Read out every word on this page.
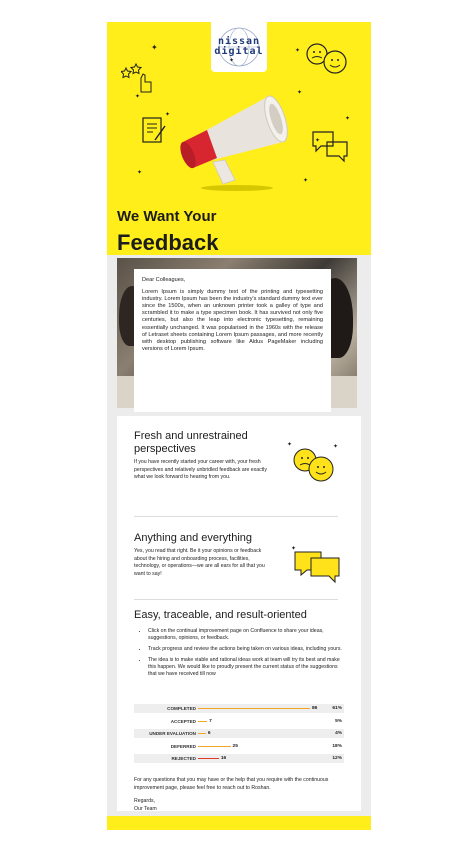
nissan
digital
✦
✦
✦
✦
✦
✦
✦
✦
✦
✦
We Want Your
Feedback

Dear Colleagues,

Lorem Ipsum is simply dummy text of the printing and typesetting industry. Lorem Ipsum has been the industry's standard dummy text ever since the 1500s, when an unknown printer took a galley of type and scrambled it to make a type specimen book. It has survived not only five centuries, but also the leap into electronic typesetting, remaining essentially unchanged. It was popularised in the 1960s with the release of Letraset sheets containing Lorem Ipsum passages, and more recently with desktop publishing software like Aldus PageMaker including versions of Lorem Ipsum.

Fresh and unrestrained perspectives

If you have recently started your career with, your fresh perspectives and relatively unbridled feedback are exactly what we look forward to hearing from you.

✦	✦
Anything and everything

Yes, you read that right. Be it your opinions or feedback about the hiring and onboarding process, facilities, technology, or operations—we are all ears for all that you want to say!

✦
Easy, traceable, and result-oriented
• Click on the continual improvement page on Confluence to share your ideas, suggestions, opinions, or feedback.
• Track progress and review the actions being taken on various ideas, including yours.
• The idea is to make viable and rational ideas work at team will try its best and make this happen. We would like to proudly present the current status of the suggestions that we have received till now
COMPLETED	86	61%
ACCEPTED	7	5%
UNDER EVALUATION 6	4%
DEFERRED	25	18%
REJECTED	16	12%

For any questions that you may have or the help that you require with the continuous improvement page, please feel free to reach out to Roshan.

Regards,

Our Team
